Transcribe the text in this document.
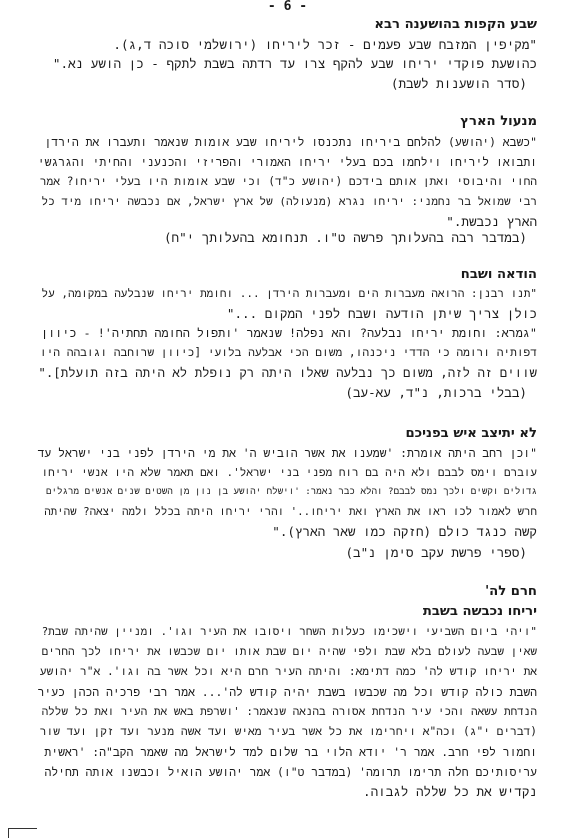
- 6 -
שבע הקפות בהושענה רבא
"מקיפין המזבח שבע פעמים - זכר ליריחו (ירושלמי סוכה ד,ג).
כהושעת פוקדי יריחו שבע להקף צרו עד רדתה בשבת לתקף - כן הושע נא."
(סדר הושענות לשבת)
מנעול הארץ
"כשבא (יהושע) להלחם ביריחו נתכנסו ליריחו שבע אומות שנאמר ותעברו את הירדן
ותבואו ליריחו וילחמו בכם בעלי יריחו האמורי והפריזי והכנעני והחיתי והגרגשי
החוי והיבוסי ואתן אותם בידכם (יהושע כ"ד) וכי שבע אומות היו בעלי יריחו? אמר
רבי שמואל בר נחמני: יריחו נגרא (מנעולה) של ארץ ישראל, אם נכבשה יריחו מיד כל
הארץ נכבשת."
(במדבר רבה בהעלותך פרשה ט"ו. תנחומא בהעלותך י"ח)
הודאה ושבח
"תנו רבנן: הרואה מעברות הים ומעברות הירדן ... וחומת יריחו שנבלעה במקומה, על
כולן צריך שיתן הודעה ושבח לפני המקום ..."
"גמרא: וחומת יריחו נבלעה? והא נפלה! שנאמר 'ותפול החומה תחתיה'! - כיוון
דפותיה ורומה כי הדדי ניכנהו, משום הכי אבלעה בלועי [כיוון שרוחבה וגובהה היו
שווים זה לזה, משום כך נבלעה שאלו היתה רק נופלת לא היתה בזה תועלת]."
(בבלי ברכות, נ"ד, עא-עב)
לא יתיצב איש בפניכם
"וכן רחב היתה אומרת: 'שמענו את אשר הוביש ה' את מי הירדן לפני בני ישראל עד
עוברם וימס לבבם ולא היה בם רוח מפני בני ישראל'. ואם תאמר שלא היו אנשי יריחו
גדולים וקשים ולכך נמס לבבם? והלא כבר נאמר: 'וישלח יהושע בן נון מן השטים שנים אנשים מרגלים
חרש לאמור לכו ראו את הארץ ואת יריחו..' והרי יריחו היתה בכלל ולמה יצאה? שהיתה
קשה כנגד כולם (חזקה כמו שאר הארץ)."
(ספרי פרשת עקב סימן נ"ב)
חרם לה'
יריחו נכבשה בשבת
"ויהי ביום השביעי וישכימו כעלות השחר ויסובו את העיר וגו'. ומניין שהיתה שבת?
שאין שבעה לעולם בלא שבת ולפי שהיה יום שבת אותו יום שכבשו את יריחו לכך החרים
את יריחו קודש לה' כמה דתימא: והיתה העיר חרם היא וכל אשר בה וגו'. א"ר יהושע
השבת כולה קודש וכל מה שכבשו בשבת יהיה קודש לה'... אמר רבי פרכיה הכהן כעיר
הנדחת עשאה והכי עיר הנדחת אסורה בהנאה שנאמר: 'ושרפת באש את העיר ואת כל שללה
(דברים י"ג) וכה"א ויחרימו את כל אשר בעיר מאיש ועד אשה מנער ועד זקן ועד שור
וחמור לפי חרב. אמר ר' יודא הלוי בר שלום למד לישראל מה שאמר הקב"ה: 'ראשית
עריסותיכם חלה תרימו תרומה' (במדבר ט"ו) אמר יהושע הואיל וכבשנו אותה תחילה
נקדיש את כל שללה לגבוה.
